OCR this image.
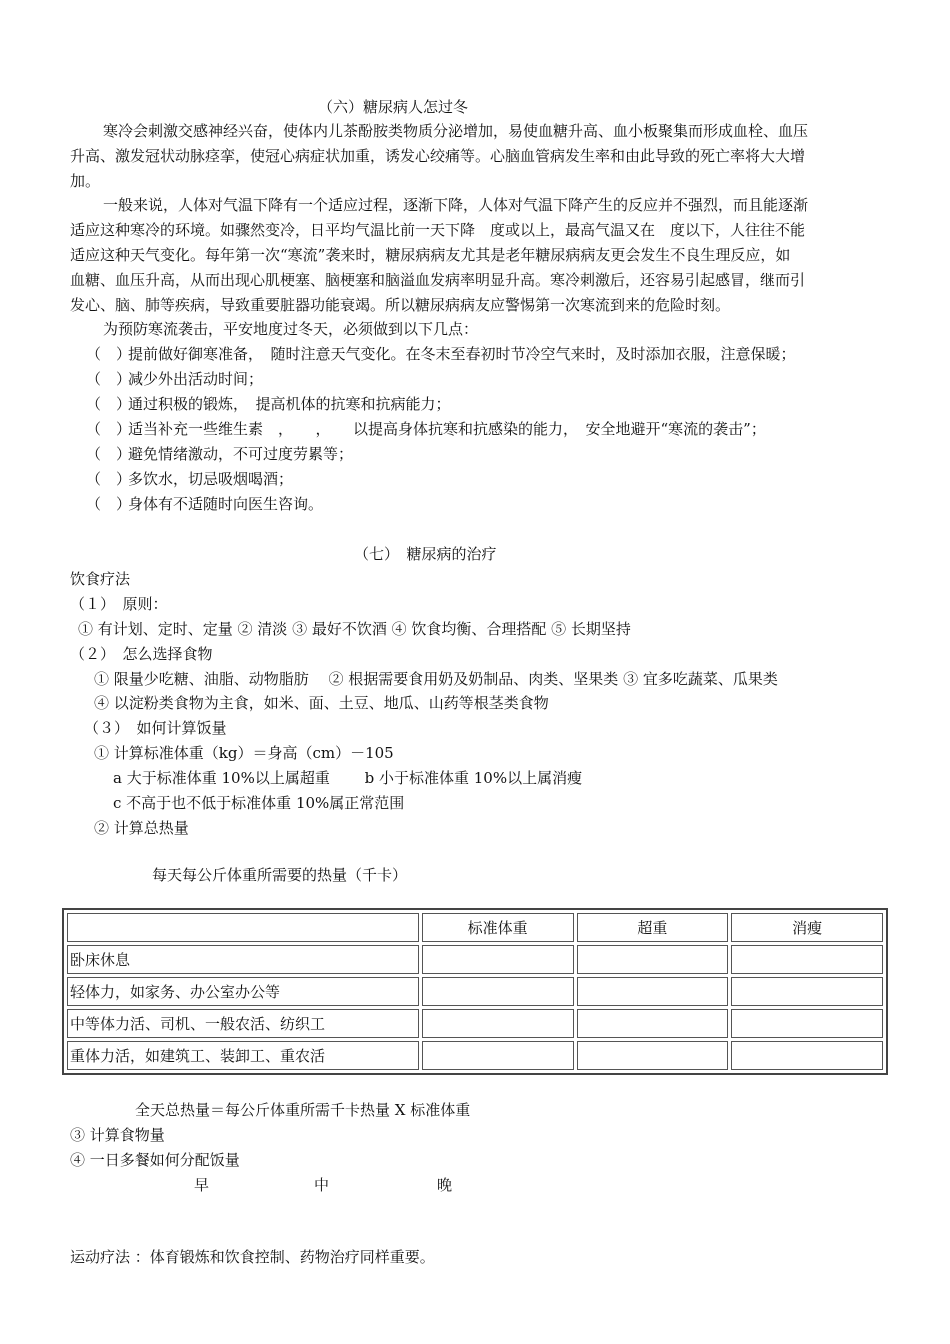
（六）糖尿病人怎过冬
寒冷会刺激交感神经兴奋，使体内儿茶酚胺类物质分泌增加，易使血糖升高、血小板聚集而形成血栓、血压
升高、激发冠状动脉痉挛，使冠心病症状加重，诱发心绞痛等。心脑血管病发生率和由此导致的死亡率将大大增
加。
一般来说，人体对气温下降有一个适应过程，逐渐下降，人体对气温下降产生的反应并不强烈，而且能逐渐
适应这种寒冷的环境。如骤然变冷，日平均气温比前一天下降　度或以上，最高气温又在　度以下，人往往不能
适应这种天气变化。每年第一次“寒流”袭来时，糖尿病病友尤其是老年糖尿病病友更会发生不良生理反应，如
血糖、血压升高，从而出现心肌梗塞、脑梗塞和脑溢血发病率明显升高。寒冷刺激后，还容易引起感冒，继而引
发心、脑、肺等疾病，导致重要脏器功能衰竭。所以糖尿病病友应警惕第一次寒流到来的危险时刻。
为预防寒流袭击，平安地度过冬天，必须做到以下几点：
（　）提前做好御寒准备，　随时注意天气变化。在冬末至春初时节冷空气来时，及时添加衣服，注意保暖；
（　）减少外出活动时间；
（　）通过积极的锻炼，　提高机体的抗寒和抗病能力；
（　）适当补充一些维生素　，　　，　　以提高身体抗寒和抗感染的能力，　安全地避开“寒流的袭击”；
（　）避免情绪激动，不可过度劳累等；
（　）多饮水，切忌吸烟喝酒；
（　）身体有不适随时向医生咨询。
（七）　糖尿病的治疗
饮食疗法
（１）　原则：
① 有计划、定时、定量 ② 清淡 ③ 最好不饮酒 ④ 饮食均衡、合理搭配 ⑤ 长期坚持
（２）　怎么选择食物
① 限量少吃糖、油脂、动物脂肪　 ② 根据需要食用奶及奶制品、肉类、坚果类 ③ 宜多吃蔬菜、瓜果类
④ 以淀粉类食物为主食，如米、面、土豆、地瓜、山药等根茎类食物
（３）　如何计算饭量
① 计算标准体重（kg）＝身高（cm）－105
a 大于标准体重 10%以上属超重　　 b 小于标准体重 10%以上属消瘦
c 不高于也不低于标准体重 10%属正常范围
② 计算总热量
每天每公斤体重所需要的热量（千卡）
	标准体重	超重	消瘦
卧床休息			
轻体力，如家务、办公室办公等			
中等体力活、司机、一般农活、纺织工			
重体力活，如建筑工、装卸工、重农活			
全天总热量＝每公斤体重所需千卡热量 X 标准体重
③ 计算食物量
④ 一日多餐如何分配饭量
早	中	晚
运动疗法 ：体育锻炼和饮食控制、药物治疗同样重要。
